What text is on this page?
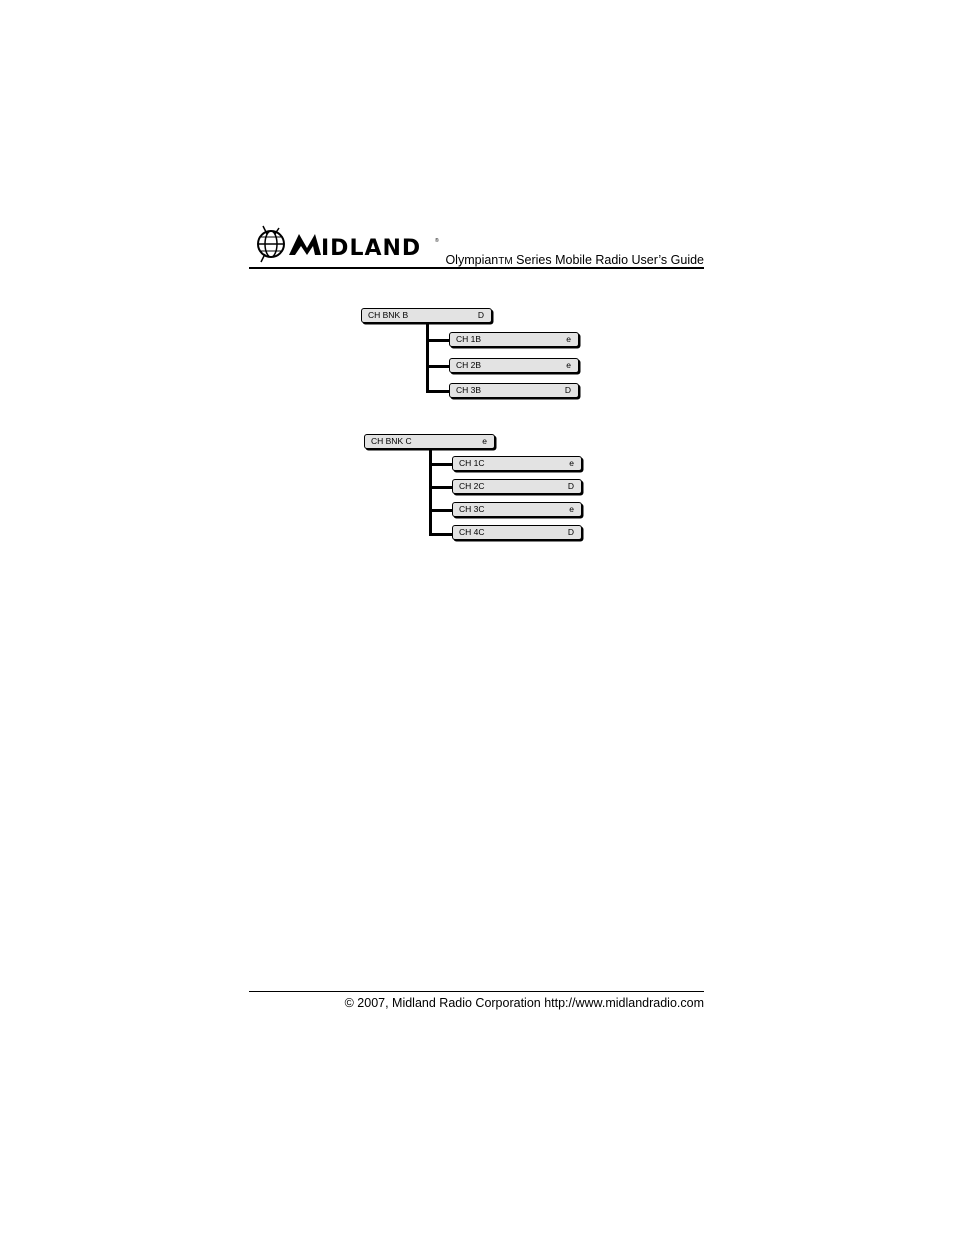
IDLAND	®
OlympianTM Series Mobile Radio User’s Guide
CH BNK B	D
CH 1B	e
CH 2B	e
CH 3B	D
CH BNK C	e
CH 1C	e
CH 2C	D
CH 3C	e
CH 4C	D
© 2007, Midland Radio Corporation http://www.midlandradio.com
